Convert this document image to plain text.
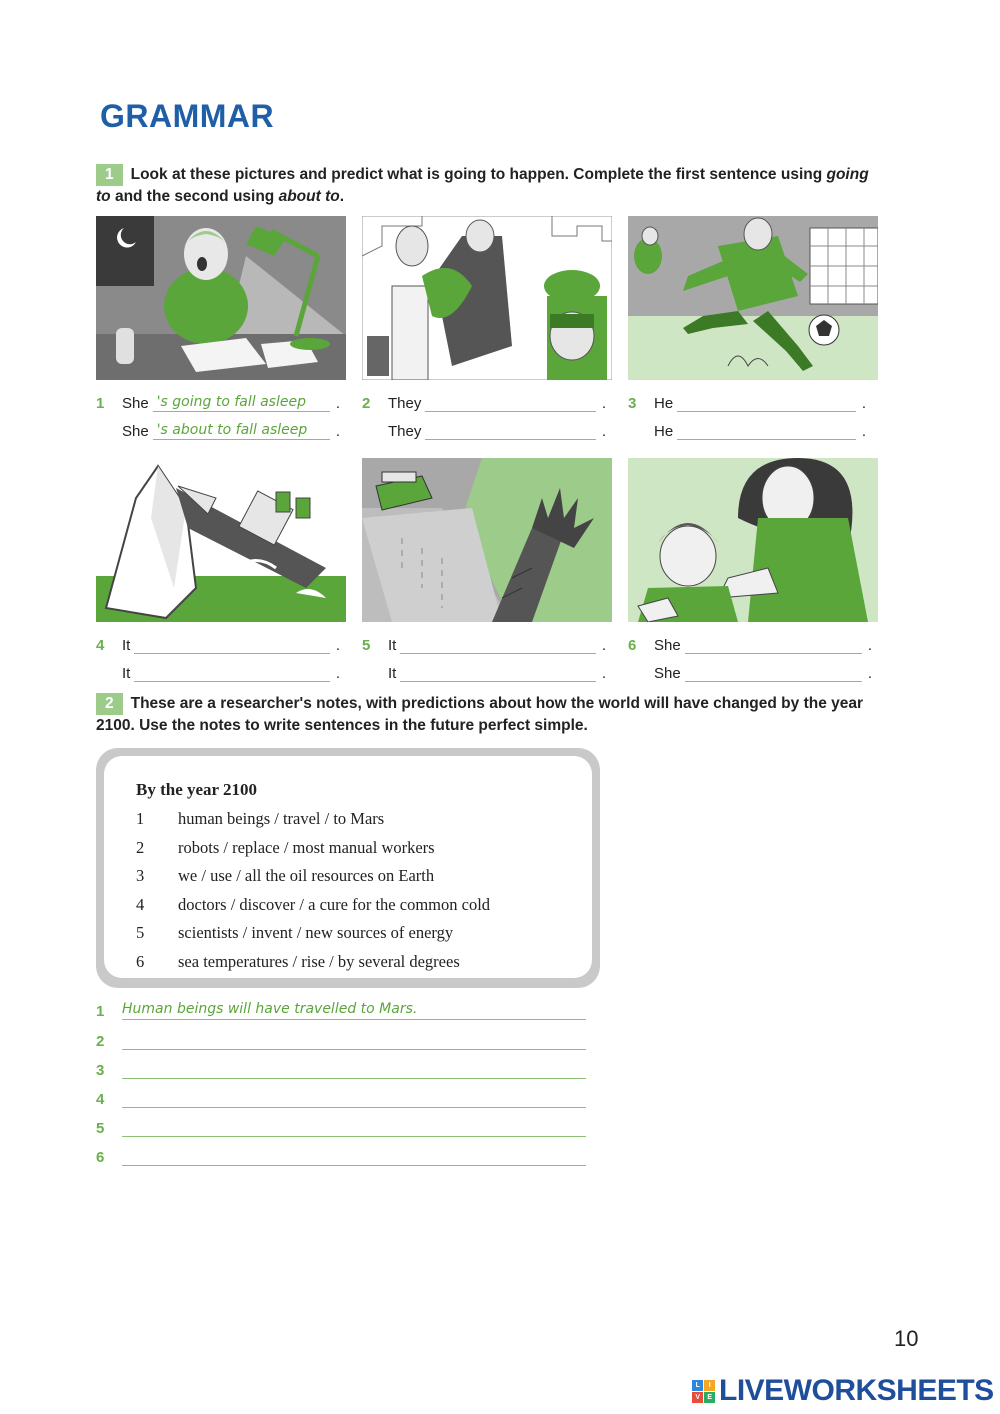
GRAMMAR
1 Look at these pictures and predict what is going to happen. Complete the first sentence using going to and the second using about to.
1	She 's going to fall asleep	.
She 's about to fall asleep	.
2	They	.
They	.
3	He	.
He	.
4	It	.
It	.
5	It	.
It	.
6	She	.
She	.
2 These are a researcher's notes, with predictions about how the world will have changed by the year 2100. Use the notes to write sentences in the future perfect simple.
By the year 2100
1	human beings / travel / to Mars
2	robots / replace / most manual workers
3	we / use / all the oil resources on Earth
4	doctors / discover / a cure for the common cold
5	scientists / invent / new sources of energy
6	sea temperatures / rise / by several degrees
1	Human beings will have travelled to Mars.
2
3
4
5
6
10
L	I
V	E LIVEWORKSHEETS
